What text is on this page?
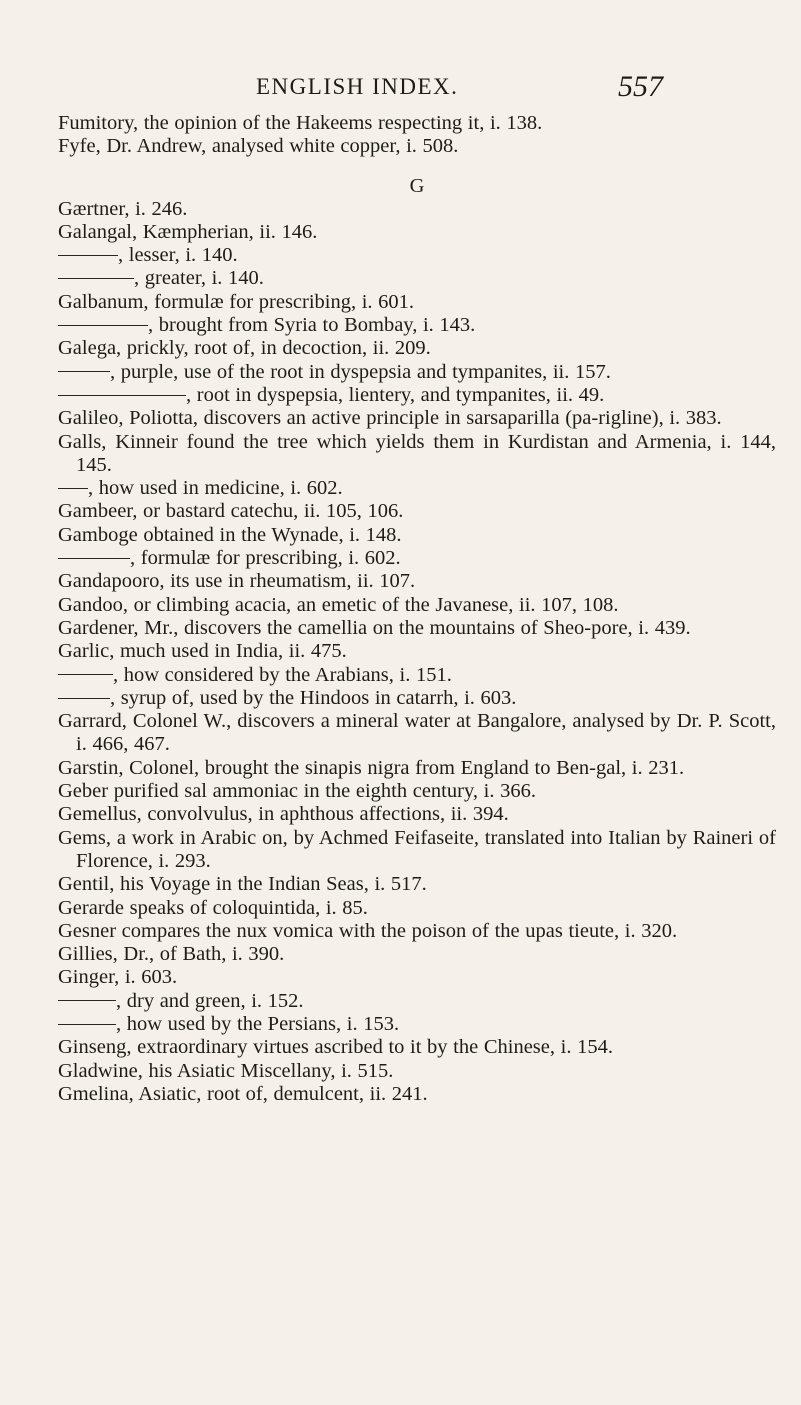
ENGLISH INDEX.	557

Fumitory, the opinion of the Hakeems respecting it, i. 138.

Fyfe, Dr. Andrew, analysed white copper, i. 508.

G

Gærtner, i. 246.

Galangal, Kæmpherian, ii. 146.

, lesser, i. 140.

, greater, i. 140.

Galbanum, formulæ for prescribing, i. 601.

, brought from Syria to Bombay, i. 143.

Galega, prickly, root of, in decoction, ii. 209.

, purple, use of the root in dyspepsia and tympanites, ii. 157.

, root in dyspepsia, lientery, and tympanites, ii. 49.

Galileo, Poliotta, discovers an active principle in sarsaparilla (pa-rigline), i. 383.

Galls, Kinneir found the tree which yields them in Kurdistan and Armenia, i. 144, 145.

, how used in medicine, i. 602.

Gambeer, or bastard catechu, ii. 105, 106.

Gamboge obtained in the Wynade, i. 148.

, formulæ for prescribing, i. 602.

Gandapooro, its use in rheumatism, ii. 107.

Gandoo, or climbing acacia, an emetic of the Javanese, ii. 107, 108.

Gardener, Mr., discovers the camellia on the mountains of Sheo-pore, i. 439.

Garlic, much used in India, ii. 475.

, how considered by the Arabians, i. 151.

, syrup of, used by the Hindoos in catarrh, i. 603.

Garrard, Colonel W., discovers a mineral water at Bangalore, analysed by Dr. P. Scott, i. 466, 467.

Garstin, Colonel, brought the sinapis nigra from England to Ben-gal, i. 231.

Geber purified sal ammoniac in the eighth century, i. 366.

Gemellus, convolvulus, in aphthous affections, ii. 394.

Gems, a work in Arabic on, by Achmed Feifaseite, translated into Italian by Raineri of Florence, i. 293.

Gentil, his Voyage in the Indian Seas, i. 517.

Gerarde speaks of coloquintida, i. 85.

Gesner compares the nux vomica with the poison of the upas tieute, i. 320.

Gillies, Dr., of Bath, i. 390.

Ginger, i. 603.

, dry and green, i. 152.

, how used by the Persians, i. 153.

Ginseng, extraordinary virtues ascribed to it by the Chinese, i. 154.

Gladwine, his Asiatic Miscellany, i. 515.

Gmelina, Asiatic, root of, demulcent, ii. 241.
